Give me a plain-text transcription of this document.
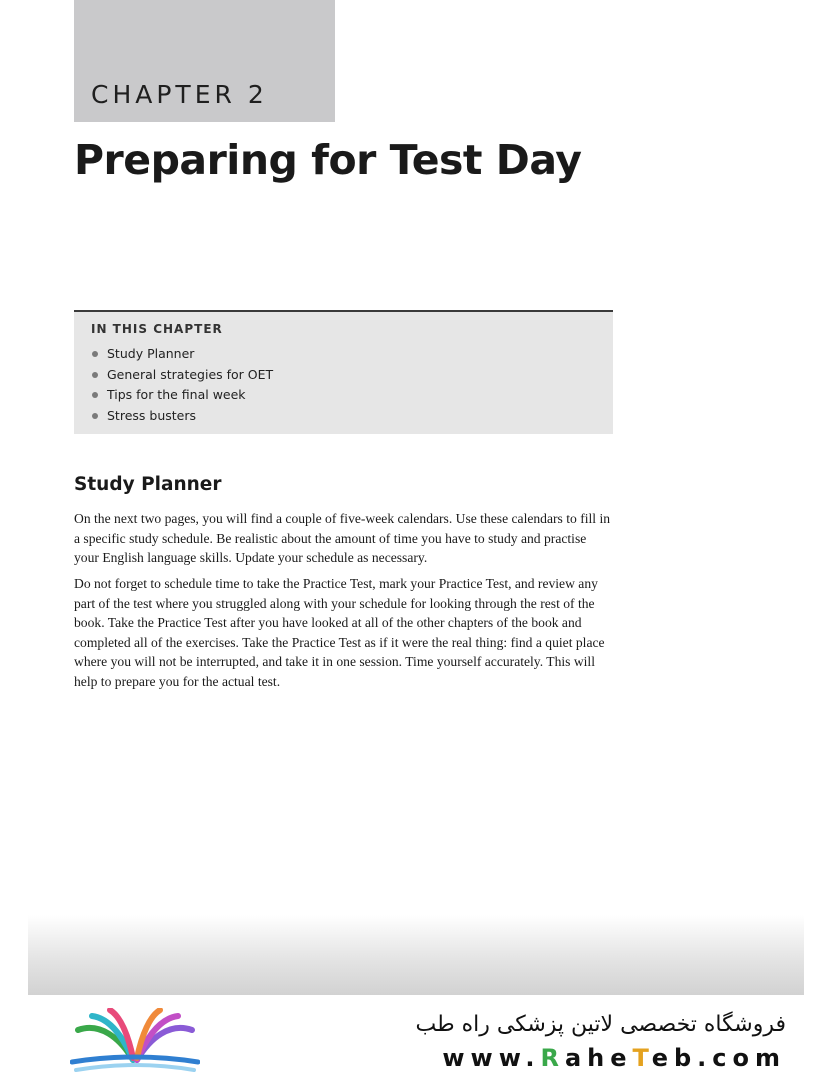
CHAPTER 2
Preparing for Test Day
IN THIS CHAPTER
Study Planner
General strategies for OET
Tips for the final week
Stress busters
Study Planner

On the next two pages, you will find a couple of five-week calendars. Use these calendars to fill in a specific study schedule. Be realistic about the amount of time you have to study and practise your English language skills. Update your schedule as necessary.

Do not forget to schedule time to take the Practice Test, mark your Practice Test, and review any part of the test where you struggled along with your schedule for looking through the rest of the book. Take the Practice Test after you have looked at all of the other chapters of the book and completed all of the exercises. Take the Practice Test as if it were the real thing: find a quiet place where you will not be interrupted, and take it in one session. Time yourself accurately. This will help to prepare you for the actual test.

فروشگاه تخصصی لاتین پزشکی راه طب
www.RaheTeb.com
